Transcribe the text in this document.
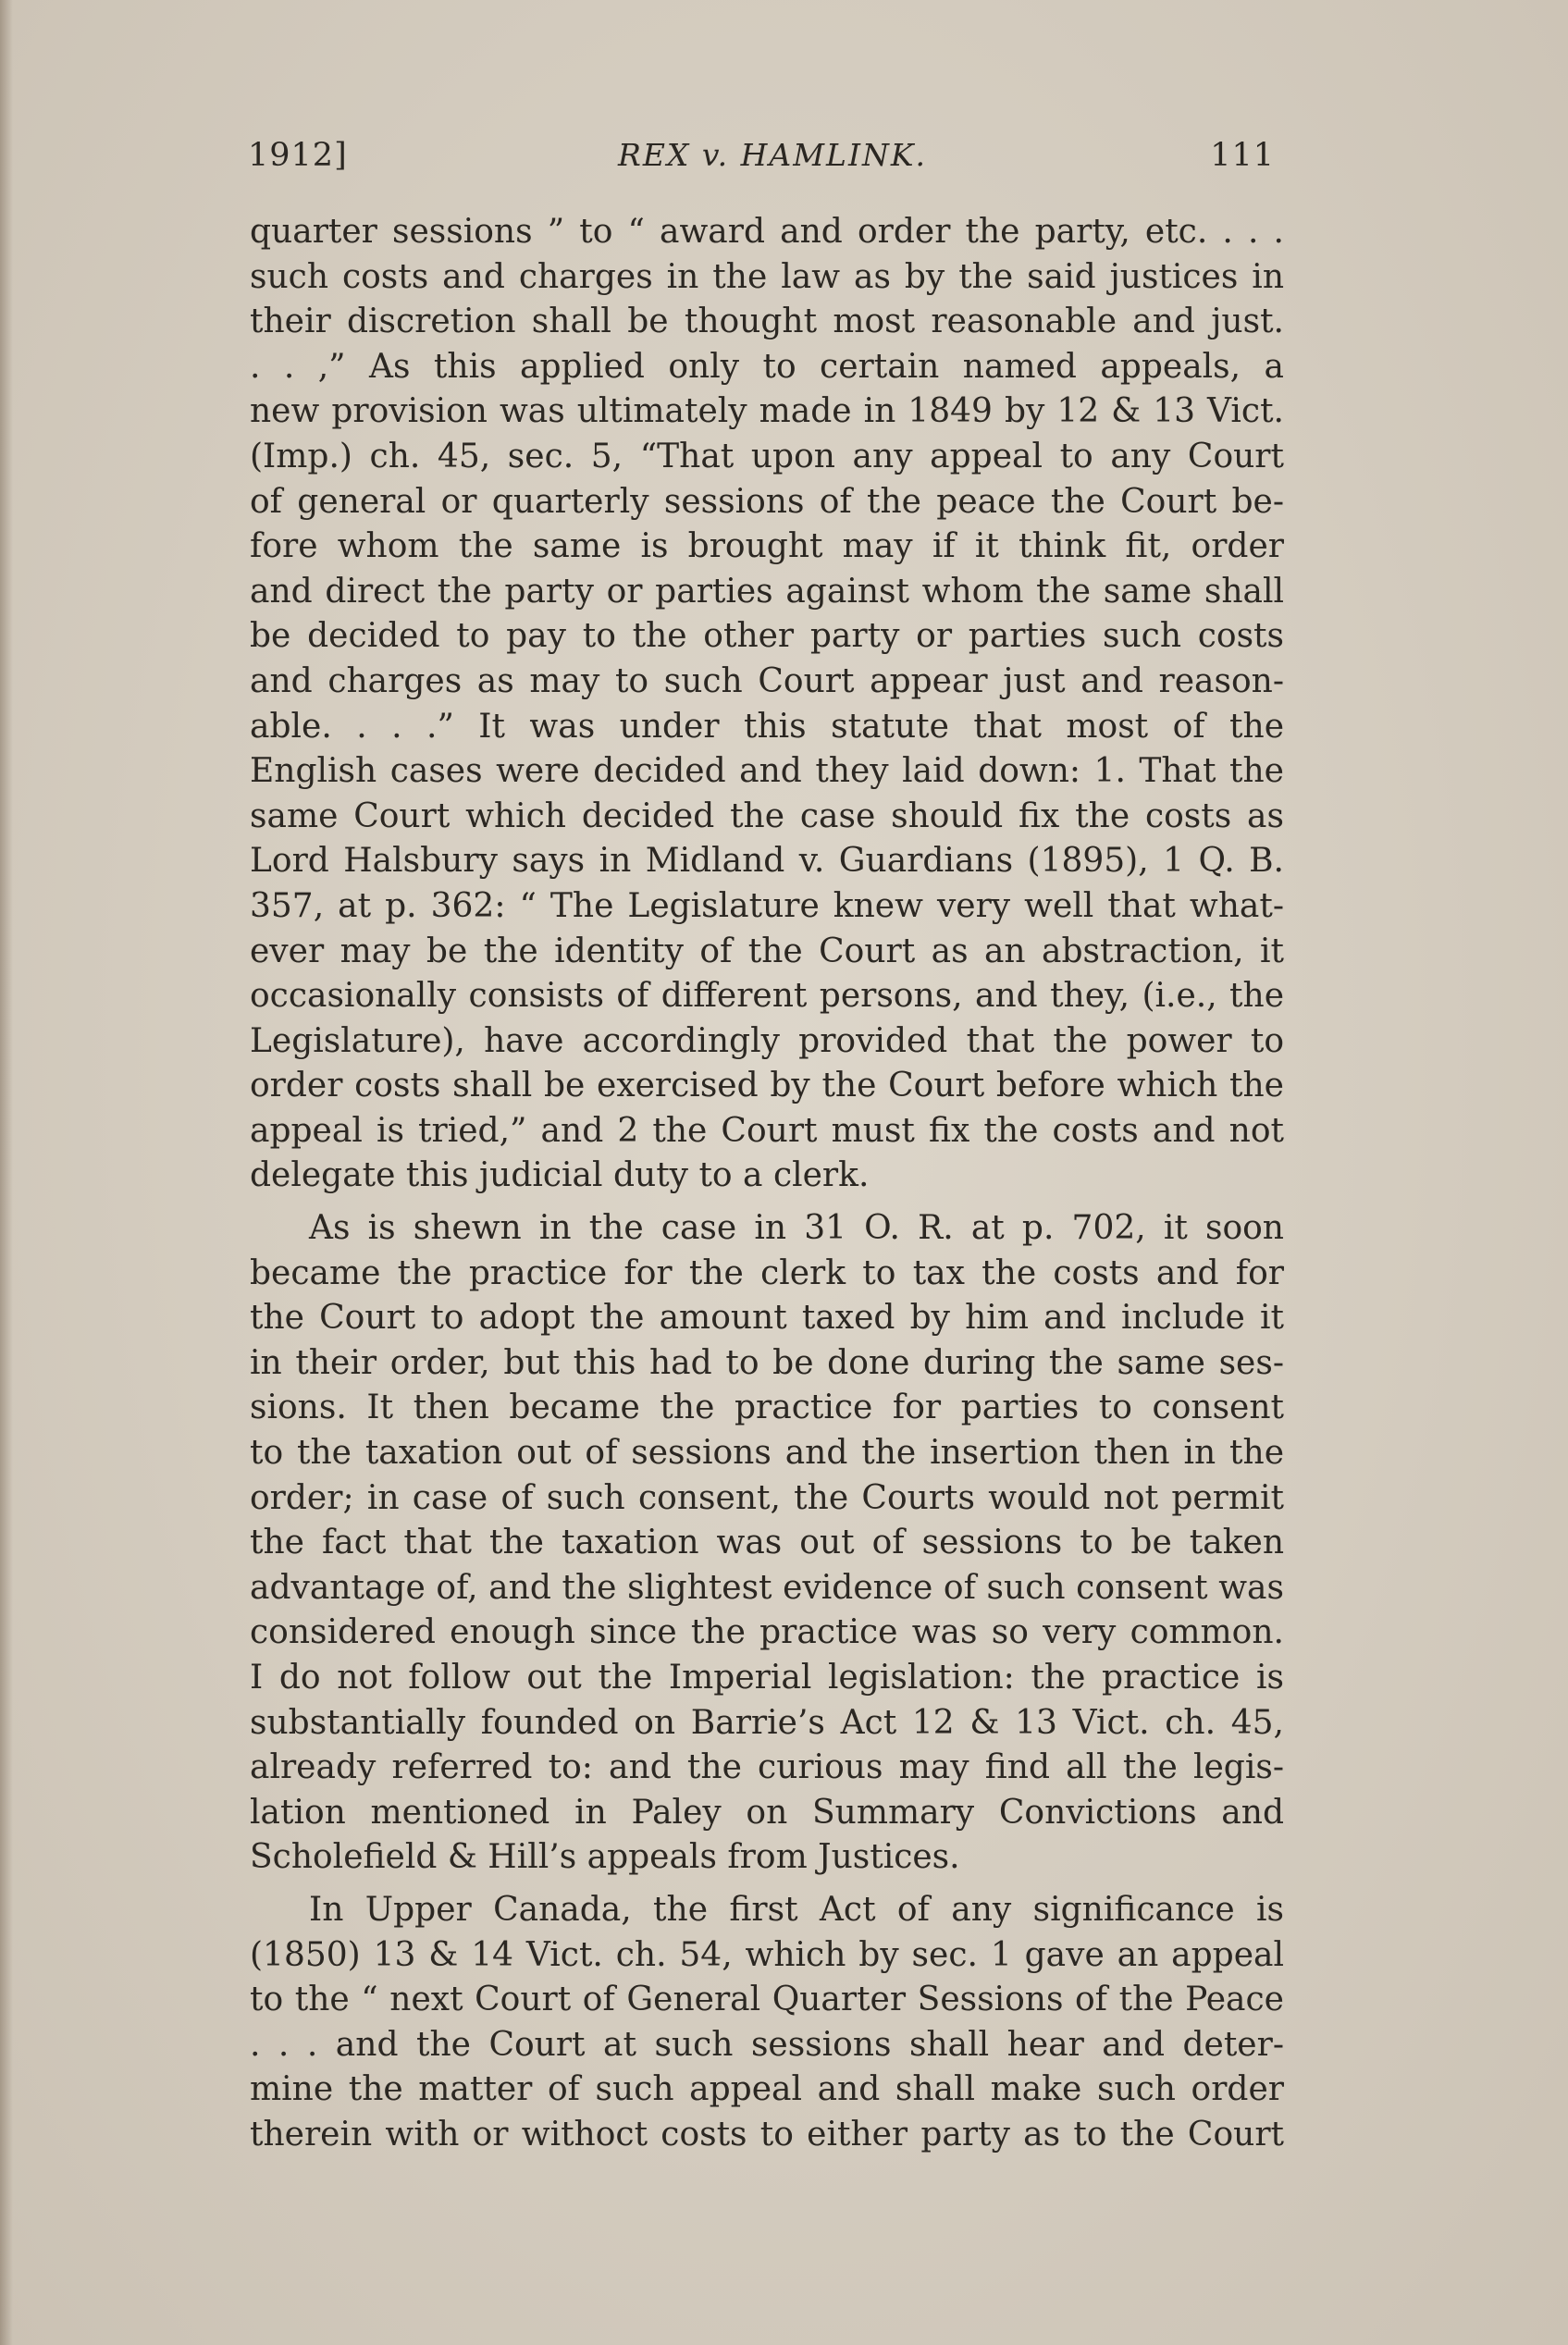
1912]	REX v. HAMLINK.	111
quarter sessions ” to “ award and order the party, etc. . . .
such costs and charges in the law as by the said justices in
their discretion shall be thought most reasonable and just.
. . ,” As this applied only to certain named appeals, a
new provision was ultimately made in 1849 by 12 & 13 Vict.
(Imp.) ch. 45, sec. 5, “That upon any appeal to any Court
of general or quarterly sessions of the peace the Court be-
fore whom the same is brought may if it think fit, order
and direct the party or parties against whom the same shall
be decided to pay to the other party or parties such costs
and charges as may to such Court appear just and reason-
able. . . .” It was under this statute that most of the
English cases were decided and they laid down: 1. That the
same Court which decided the case should fix the costs as
Lord Halsbury says in Midland v. Guardians (1895), 1 Q. B.
357, at p. 362: “ The Legislature knew very well that what-
ever may be the identity of the Court as an abstraction, it
occasionally consists of different persons, and they, (i.e., the
Legislature), have accordingly provided that the power to
order costs shall be exercised by the Court before which the
appeal is tried,” and 2 the Court must fix the costs and not
delegate this judicial duty to a clerk.
As is shewn in the case in 31 O. R. at p. 702, it soon
became the practice for the clerk to tax the costs and for
the Court to adopt the amount taxed by him and include it
in their order, but this had to be done during the same ses-
sions. It then became the practice for parties to consent
to the taxation out of sessions and the insertion then in the
order; in case of such consent, the Courts would not permit
the fact that the taxation was out of sessions to be taken
advantage of, and the slightest evidence of such consent was
considered enough since the practice was so very common.
I do not follow out the Imperial legislation: the practice is
substantially founded on Barrie’s Act 12 & 13 Vict. ch. 45,
already referred to: and the curious may find all the legis-
lation mentioned in Paley on Summary Convictions and
Scholefield & Hill’s appeals from Justices.
In Upper Canada, the first Act of any significance is
(1850) 13 & 14 Vict. ch. 54, which by sec. 1 gave an appeal
to the “ next Court of General Quarter Sessions of the Peace
. . . and the Court at such sessions shall hear and deter-
mine the matter of such appeal and shall make such order
therein with or withoct costs to either party as to the Court
